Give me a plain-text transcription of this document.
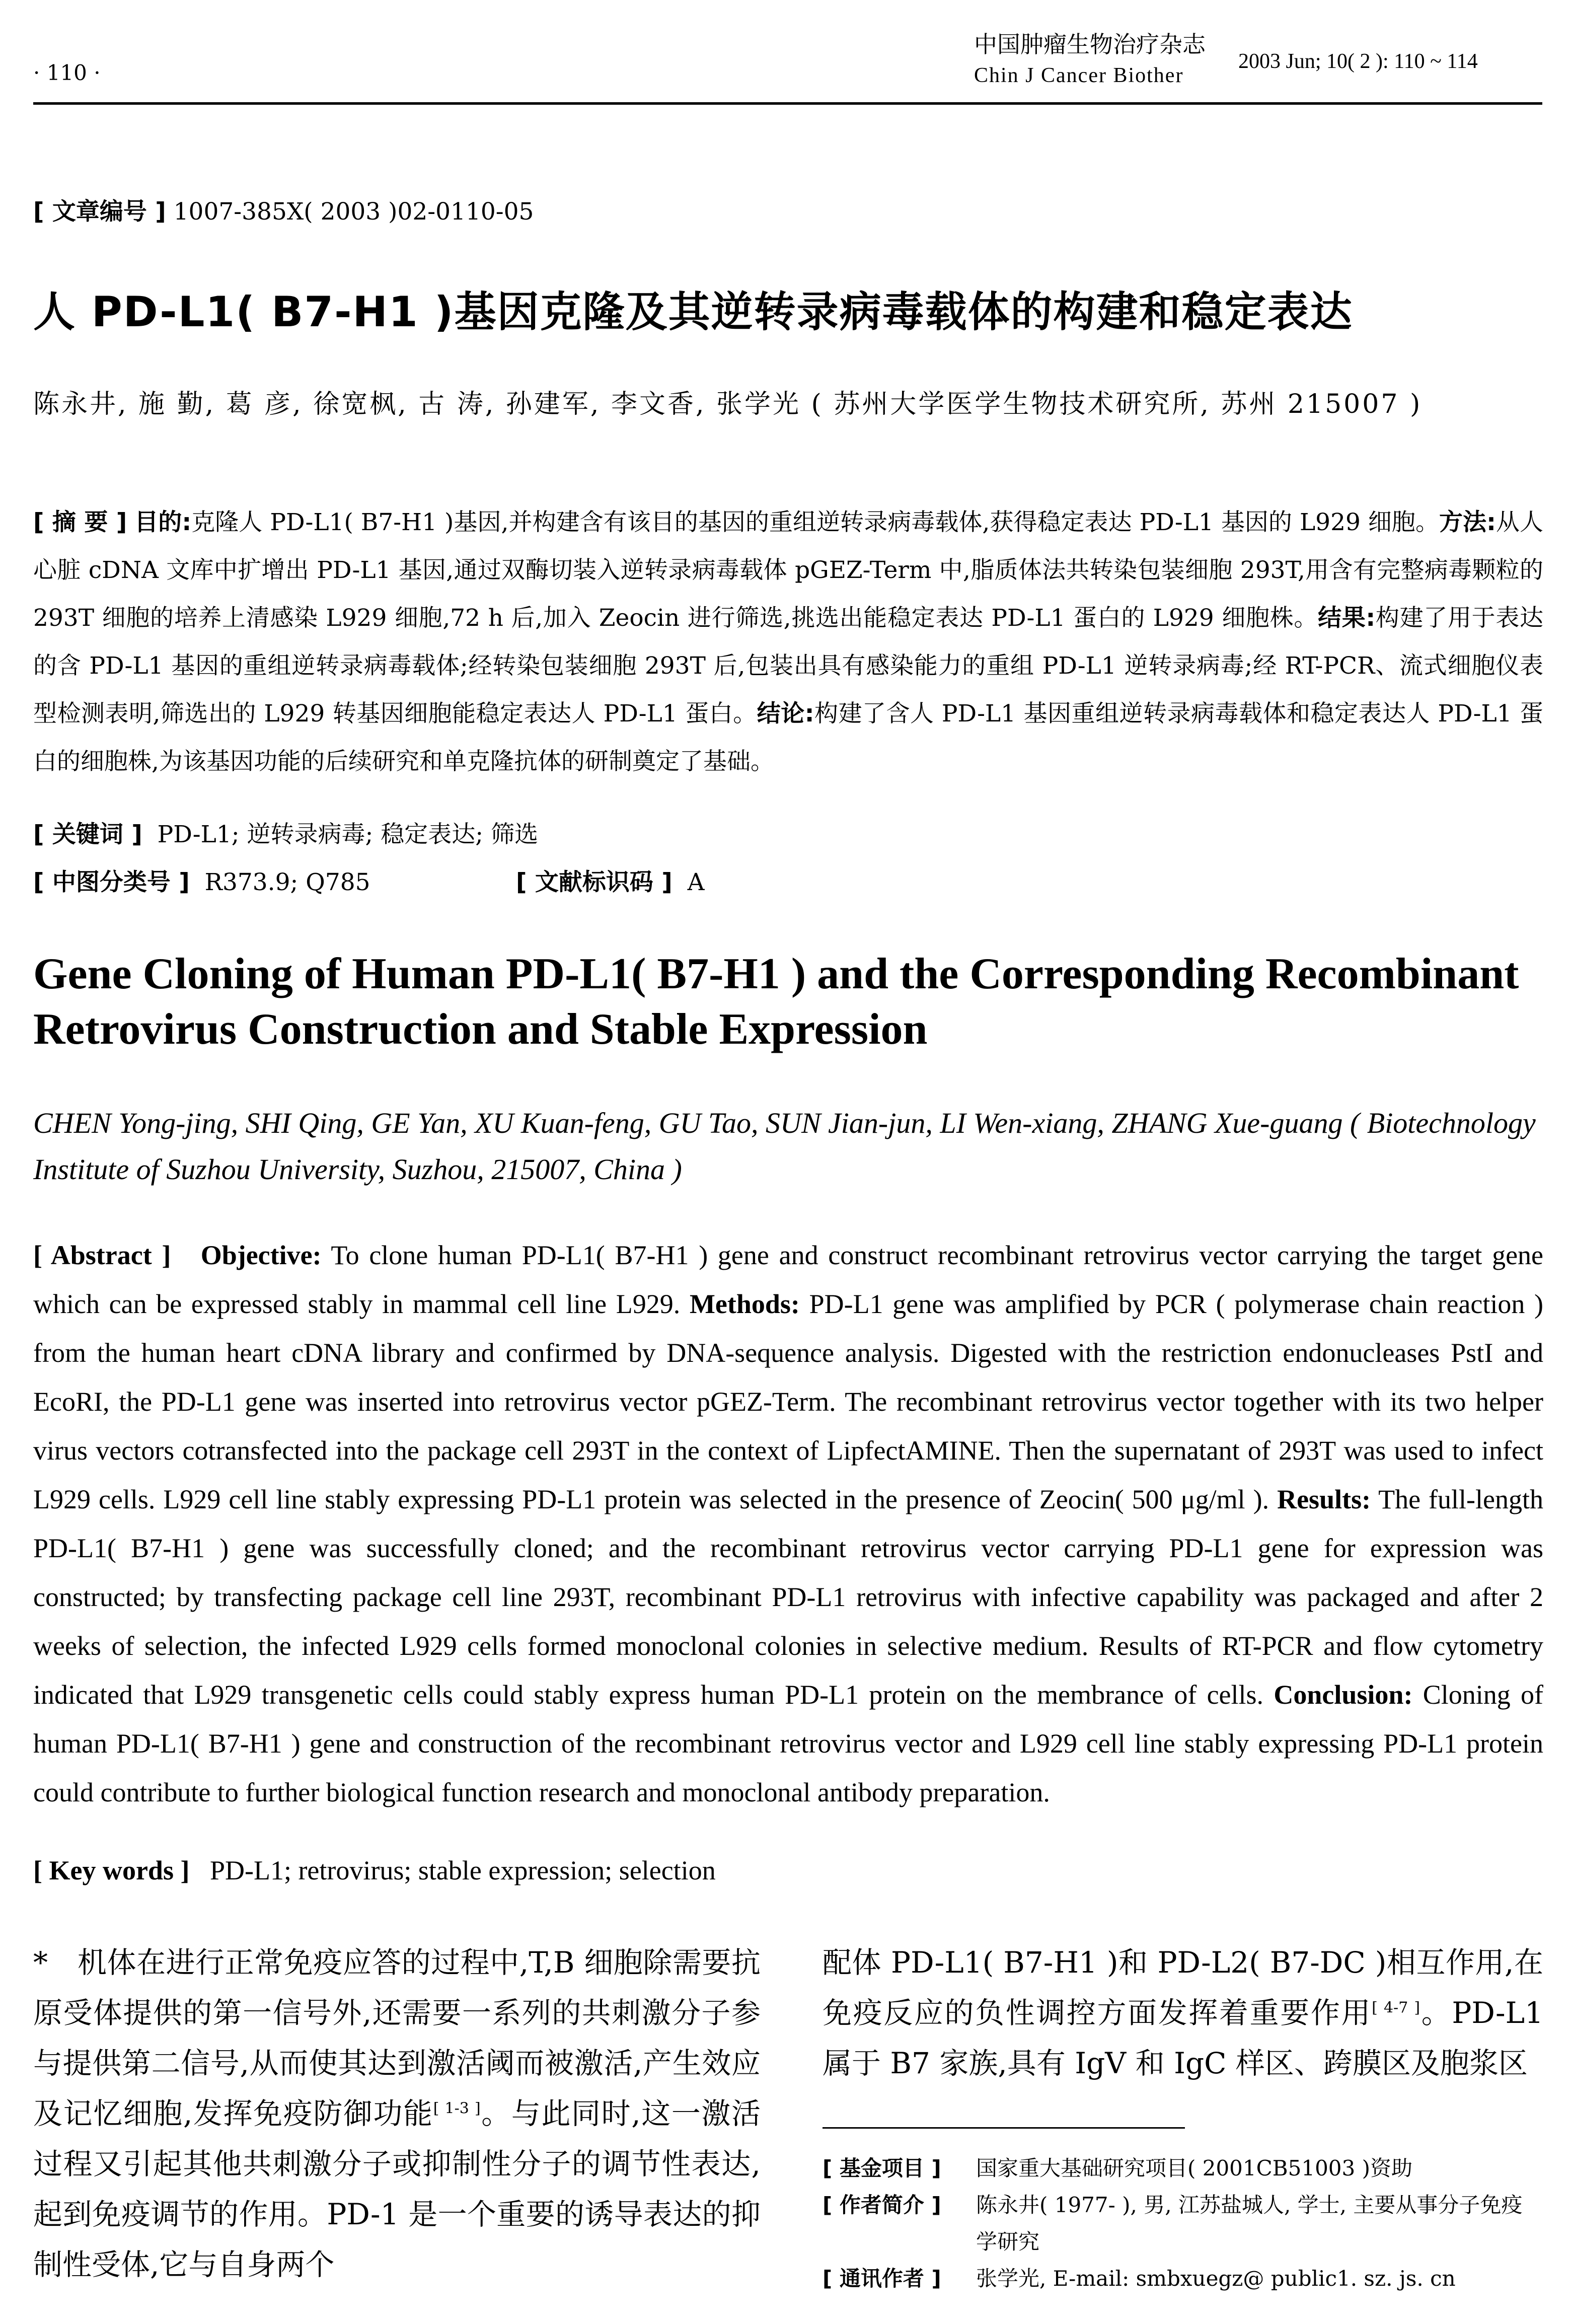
· 110 ·
中国肿瘤生物治疗杂志
Chin J Cancer Biother
2003 Jun; 10( 2 ): 110 ~ 114
[ 文章编号 ] 1007-385X( 2003 )02-0110-05
人 PD-L1( B7-H1 )基因克隆及其逆转录病毒载体的构建和稳定表达
陈永井, 施 勤, 葛 彦, 徐宽枫, 古 涛, 孙建军, 李文香, 张学光 ( 苏州大学医学生物技术研究所, 苏州 215007 )
[ 摘 要 ] 目的:克隆人 PD-L1( B7-H1 )基因,并构建含有该目的基因的重组逆转录病毒载体,获得稳定表达 PD-L1 基因的 L929 细胞。方法:从人心脏 cDNA 文库中扩增出 PD-L1 基因,通过双酶切装入逆转录病毒载体 pGEZ-Term 中,脂质体法共转染包装细胞 293T,用含有完整病毒颗粒的 293T 细胞的培养上清感染 L929 细胞,72 h 后,加入 Zeocin 进行筛选,挑选出能稳定表达 PD-L1 蛋白的 L929 细胞株。结果:构建了用于表达的含 PD-L1 基因的重组逆转录病毒载体;经转染包装细胞 293T 后,包装出具有感染能力的重组 PD-L1 逆转录病毒;经 RT-PCR、流式细胞仪表型检测表明,筛选出的 L929 转基因细胞能稳定表达人 PD-L1 蛋白。结论:构建了含人 PD-L1 基因重组逆转录病毒载体和稳定表达人 PD-L1 蛋白的细胞株,为该基因功能的后续研究和单克隆抗体的研制奠定了基础。
[ 关键词 ] PD-L1; 逆转录病毒; 稳定表达; 筛选
[ 中图分类号 ] R373.9; Q785	[ 文献标识码 ] A
Gene Cloning of Human PD-L1( B7-H1 ) and the Corresponding Recombinant Retrovirus Construction and Stable Expression
CHEN Yong-jing, SHI Qing, GE Yan, XU Kuan-feng, GU Tao, SUN Jian-jun, LI Wen-xiang, ZHANG Xue-guang ( Biotechnology Institute of Suzhou University, Suzhou, 215007, China )
[ Abstract ] Objective: To clone human PD-L1( B7-H1 ) gene and construct recombinant retrovirus vector carrying the target gene which can be expressed stably in mammal cell line L929. Methods: PD-L1 gene was amplified by PCR ( polymerase chain reaction ) from the human heart cDNA library and confirmed by DNA-sequence analysis. Digested with the restriction endonucleases PstI and EcoRI, the PD-L1 gene was inserted into retrovirus vector pGEZ-Term. The recombinant retrovirus vector together with its two helper virus vectors cotransfected into the package cell 293T in the context of LipfectAMINE. Then the supernatant of 293T was used to infect L929 cells. L929 cell line stably expressing PD-L1 protein was selected in the presence of Zeocin( 500 μg/ml ). Results: The full-length PD-L1( B7-H1 ) gene was successfully cloned; and the recombinant retrovirus vector carrying PD-L1 gene for expression was constructed; by transfecting package cell line 293T, recombinant PD-L1 retrovirus with infective capability was packaged and after 2 weeks of selection, the infected L929 cells formed monoclonal colonies in selective medium. Results of RT-PCR and flow cytometry indicated that L929 transgenetic cells could stably express human PD-L1 protein on the membrance of cells. Conclusion: Cloning of human PD-L1( B7-H1 ) gene and construction of the recombinant retrovirus vector and L929 cell line stably expressing PD-L1 protein could contribute to further biological function research and monoclonal antibody preparation.
[ Key words ] PD-L1; retrovirus; stable expression; selection
*　机体在进行正常免疫应答的过程中,T,B 细胞除需要抗原受体提供的第一信号外,还需要一系列的共刺激分子参与提供第二信号,从而使其达到激活阈而被激活,产生效应及记忆细胞,发挥免疫防御功能[ 1-3 ]。与此同时,这一激活过程又引起其他共刺激分子或抑制性分子的调节性表达,起到免疫调节的作用。PD-1 是一个重要的诱导表达的抑制性受体,它与自身两个
配体 PD-L1( B7-H1 )和 PD-L2( B7-DC )相互作用,在免疫反应的负性调控方面发挥着重要作用[ 4-7 ]。PD-L1 属于 B7 家族,具有 IgV 和 IgC 样区、跨膜区及胞浆区
[ 基金项目 ]	国家重大基础研究项目( 2001CB51003 )资助
[ 作者简介 ]	陈永井( 1977- ), 男, 江苏盐城人, 学士, 主要从事分子免疫学研究
[ 通讯作者 ]	张学光, E-mail: smbxuegz@ public1. sz. js. cn
